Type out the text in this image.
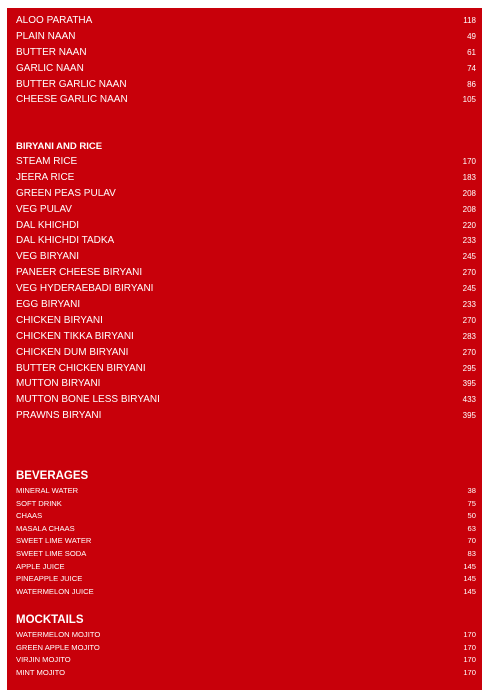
ALOO PARATHA	118
PLAIN NAAN	49
BUTTER NAAN	61
GARLIC NAAN	74
BUTTER GARLIC NAAN	86
CHEESE GARLIC NAAN	105
BIRYANI AND RICE
STEAM RICE	170
JEERA RICE	183
GREEN PEAS PULAV	208
VEG PULAV	208
DAL KHICHDI	220
DAL KHICHDI TADKA	233
VEG BIRYANI	245
PANEER CHEESE BIRYANI	270
VEG HYDERAEBADI BIRYANI	245
EGG BIRYANI	233
CHICKEN BIRYANI	270
CHICKEN TIKKA BIRYANI	283
CHICKEN DUM BIRYANI	270
BUTTER CHICKEN BIRYANI	295
MUTTON BIRYANI	395
MUTTON BONE LESS BIRYANI	433
PRAWNS BIRYANI	395
BEVERAGES
MINERAL WATER	38
SOFT DRINK	75
CHAAS	50
MASALA CHAAS	63
SWEET LIME WATER	70
SWEET LIME SODA	83
APPLE JUICE	145
PINEAPPLE JUICE	145
WATERMELON JUICE	145
MOCKTAILS
WATERMELON MOJITO	170
GREEN APPLE MOJITO	170
VIRJIN MOJITO	170
MINT MOJITO	170
